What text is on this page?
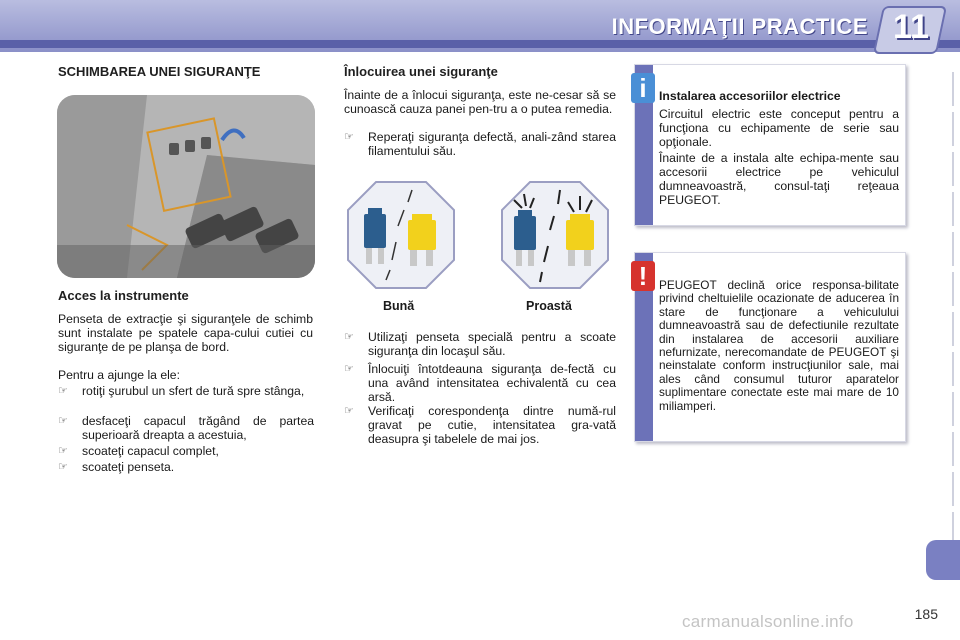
INFORMAŢII PRACTICE 11
SCHIMBAREA UNEI SIGURANŢE
Acces la instrumente
Penseta de extracţie şi siguranţele de schimb sunt instalate pe spatele capa-cului cutiei cu siguranţe de pe planşa de bord.
Pentru a ajunge la ele:
☞	rotiţi şurubul un sfert de tură spre stânga,
☞	desfaceţi capacul trăgând de partea superioară dreapta a acestuia,
☞	scoateţi capacul complet,
☞	scoateţi penseta.
Înlocuirea unei siguranţe
Înainte de a înlocui siguranţa, este ne-cesar să se cunoască cauza panei pen-tru a o putea remedia.
☞	Reperaţi siguranţa defectă, anali-zând starea filamentului său.
Bună	Proastă
☞	Utilizaţi penseta specială pentru a scoate siguranţa din locaşul său.
☞	Înlocuiţi întotdeauna siguranţa de-fectă cu una având intensitatea echivalentă cu cea arsă.
☞	Verificaţi corespondenţa dintre numă-rul gravat pe cutie, intensitatea gra-vată deasupra şi tabelele de mai jos.
i	Instalarea accesoriilor electrice
Circuitul electric este conceput pentru a funcţiona cu echipamente de serie sau opţionale.
Înainte de a instala alte echipa-mente sau accesorii electrice pe vehiculul dumneavoastră, consul-taţi reţeaua PEUGEOT.
! PEUGEOT declină orice responsa-bilitate privind cheltuielile ocazionate de aducerea în stare de funcţionare a vehiculului dumneavoastră sau de defectiunile rezultate din instalarea de accesorii auxiliare nefurnizate, nerecomandate de PEUGEOT şi neinstalate conform instrucţiunilor sale, mai ales când consumul tuturor aparatelor suplimentare conectate este mai mare de 10 miliamperi.
185
carmanualsonline.info
